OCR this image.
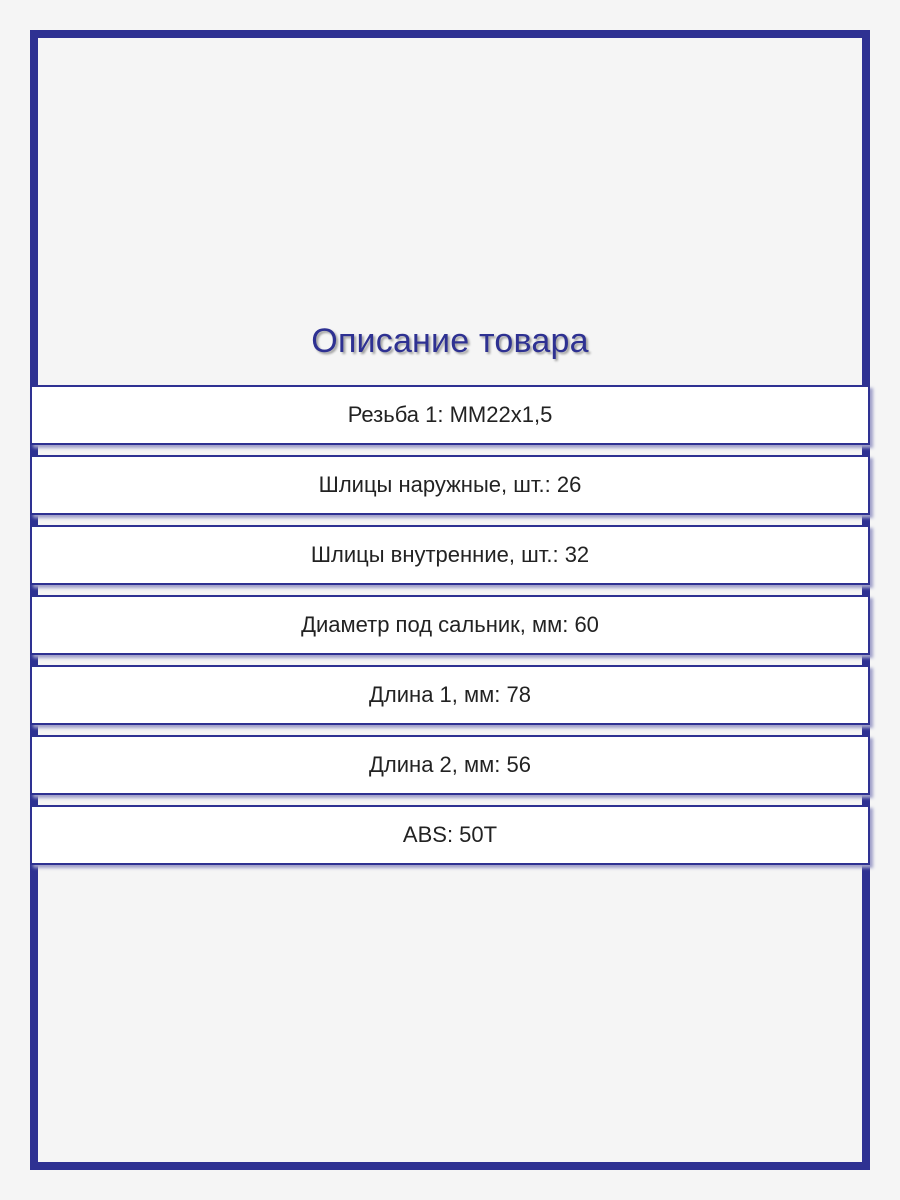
Описание товара
Резьба 1: MM22x1,5
Шлицы наружные, шт.: 26
Шлицы внутренние, шт.: 32
Диаметр под сальник, мм: 60
Длина 1, мм: 78
Длина 2, мм: 56
ABS: 50T
